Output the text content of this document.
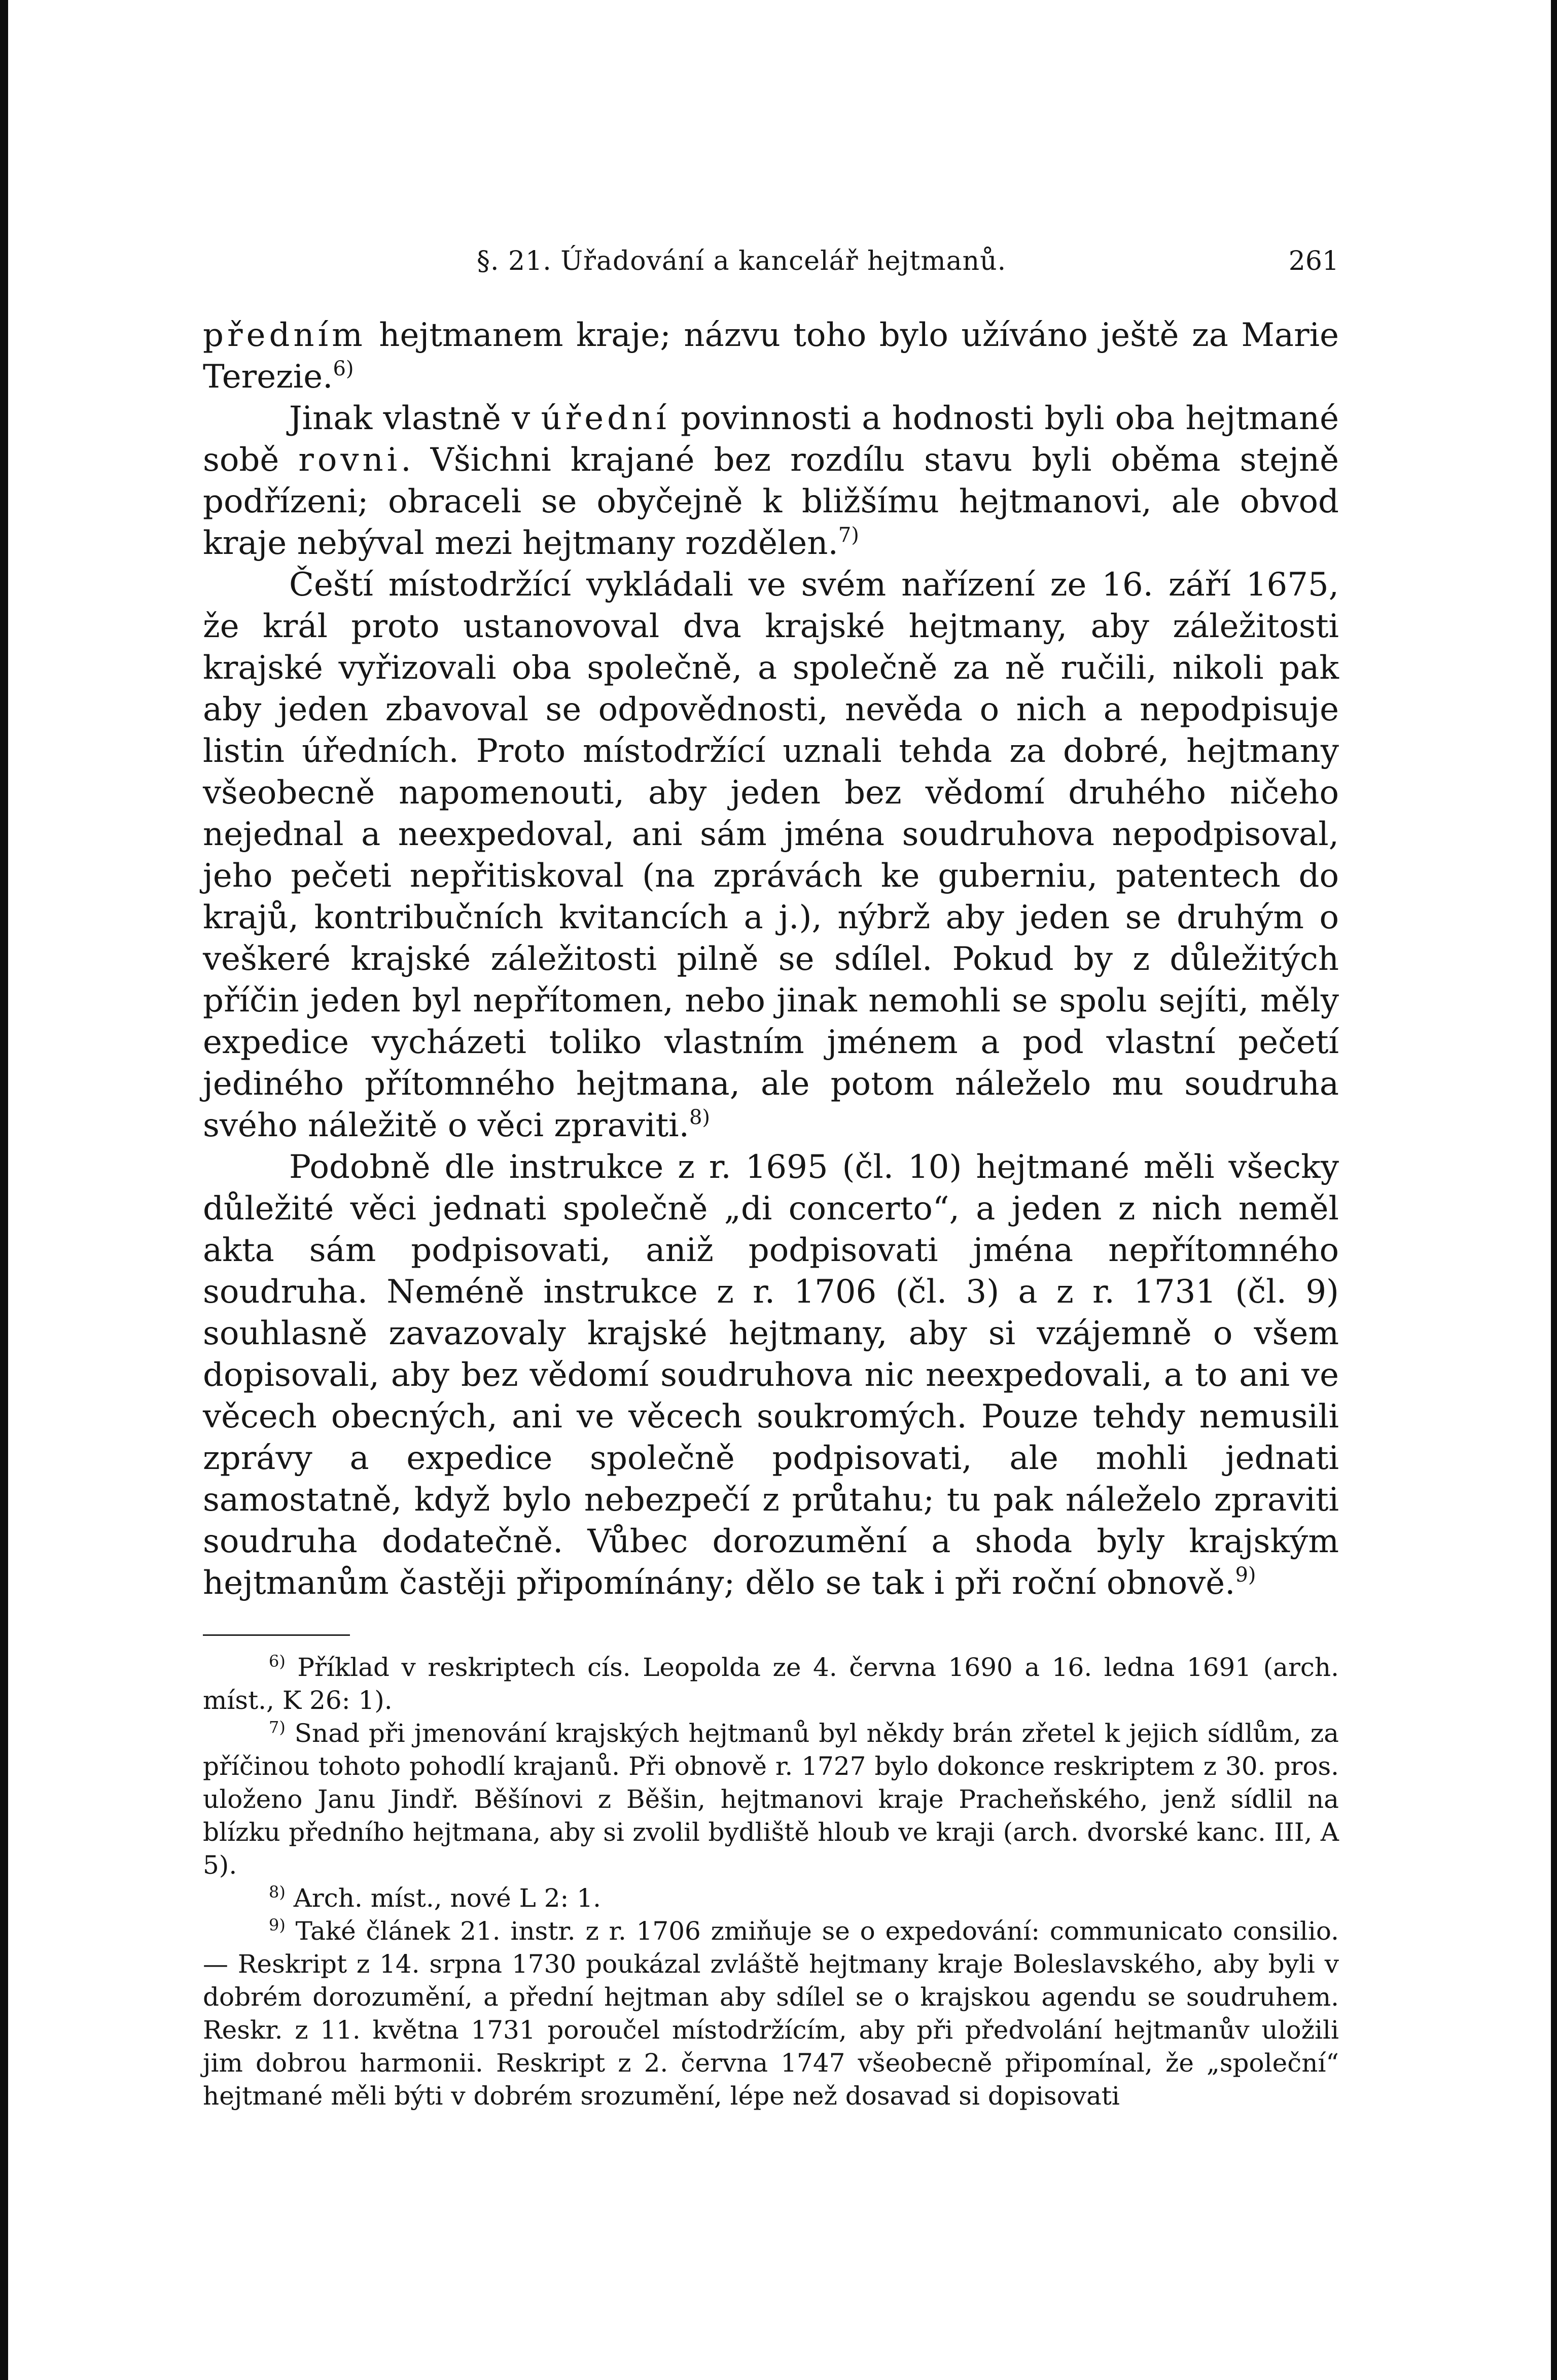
§. 21. Úřadování a kancelář hejtmanů.	261

předním hejtmanem kraje; názvu toho bylo užíváno ještě za Marie Terezie.$^{6)}$

Jinak vlastně v úřední povinnosti a hodnosti byli oba hejtmané sobě rovni. Všichni krajané bez rozdílu stavu byli oběma stejně podřízeni; obraceli se obyčejně k bližšímu hejtmanovi, ale obvod kraje nebýval mezi hejtmany rozdělen.$^{7)}$

Čeští místodržící vykládali ve svém nařízení ze 16. září 1675, že král proto ustanovoval dva krajské hejtmany, aby záležitosti krajské vyřizovali oba společně, a společně za ně ručili, nikoli pak aby jeden zbavoval se odpovědnosti, nevěda o nich a nepodpisuje listin úředních. Proto místodržící uznali tehda za dobré, hejtmany všeobecně napomenouti, aby jeden bez vědomí druhého ničeho nejednal a neexpedoval, ani sám jména soudruhova nepodpisoval, jeho pečeti nepřitiskoval (na zprávách ke guberniu, patentech do krajů, kontribučních kvitancích a j.), nýbrž aby jeden se druhým o veškeré krajské záležitosti pilně se sdílel. Pokud by z důležitých příčin jeden byl nepřítomen, nebo jinak nemohli se spolu sejíti, měly expedice vycházeti toliko vlastním jménem a pod vlastní pečetí jediného přítomného hejtmana, ale potom náleželo mu soudruha svého náležitě o věci zpraviti.$^{8)}$

Podobně dle instrukce z r. 1695 (čl. 10) hejtmané měli všecky důležité věci jednati společně „di concerto“, a jeden z nich neměl akta sám podpisovati, aniž podpisovati jména nepřítomného soudruha. Neméně instrukce z r. 1706 (čl. 3) a z r. 1731 (čl. 9) souhlasně zavazovaly krajské hejtmany, aby si vzájemně o všem dopisovali, aby bez vědomí soudruhova nic neexpedovali, a to ani ve věcech obecných, ani ve věcech soukromých. Pouze tehdy nemusili zprávy a expedice společně podpisovati, ale mohli jednati samostatně, když bylo nebezpečí z průtahu; tu pak náleželo zpraviti soudruha dodatečně. Vůbec dorozumění a shoda byly krajským hejtmanům častěji připomínány; dělo se tak i při roční obnově.$^{9)}$

$^{6)}$ Příklad v reskriptech cís. Leopolda ze 4. června 1690 a 16. ledna 1691 (arch. míst., K 26: 1).

$^{7)}$ Snad při jmenování krajských hejtmanů byl někdy brán zřetel k jejich sídlům, za příčinou tohoto pohodlí krajanů. Při obnově r. 1727 bylo dokonce reskriptem z 30. pros. uloženo Janu Jindř. Běšínovi z Běšin, hejtmanovi kraje Pracheňského, jenž sídlil na blízku předního hejtmana, aby si zvolil bydliště hloub ve kraji (arch. dvorské kanc. III, A 5).

$^{8)}$ Arch. míst., nové L 2: 1.

$^{9)}$ Také článek 21. instr. z r. 1706 zmiňuje se o expedování: communicato consilio. — Reskript z 14. srpna 1730 poukázal zvláště hejtmany kraje Boleslavského, aby byli v dobrém dorozumění, a přední hejtman aby sdílel se o krajskou agendu se soudruhem. Reskr. z 11. května 1731 poroučel místodržícím, aby při předvolání hejtmanův uložili jim dobrou harmonii. Reskript z 2. června 1747 všeobecně připomínal, že „společní“ hejtmané měli býti v dobrém srozumění, lépe než dosavad si dopisovati
